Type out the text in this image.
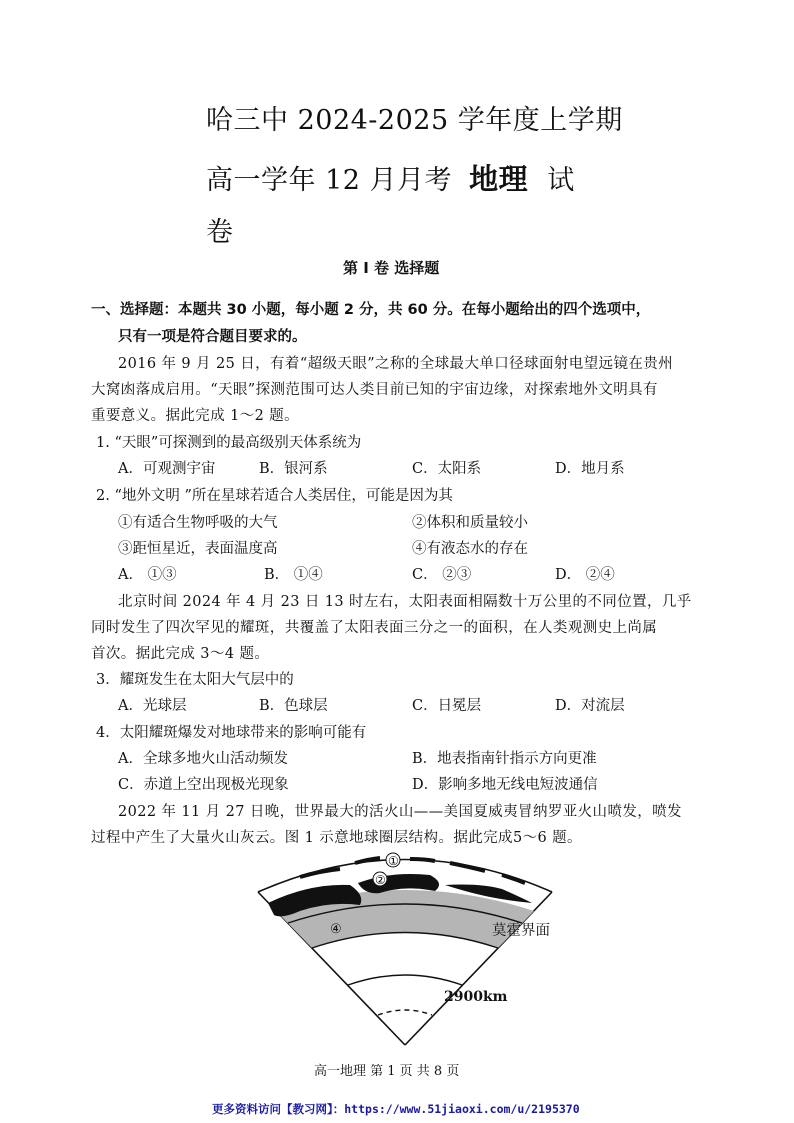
哈三中 2024-2025 学年度上学期
高一学年 12 月月考 地理 试
卷
第 I 卷 选择题
一、选择题：本题共 30 小题，每小题 2 分，共 60 分。在每小题给出的四个选项中，
只有一项是符合题目要求的。
2016 年 9 月 25 日，有着“超级天眼”之称的全球最大单口径球面射电望远镜在贵州
大窝凼落成启用。“天眼”探测范围可达人类目前已知的宇宙边缘，对探索地外文明具有
重要意义。据此完成 1～2 题。
1. “天眼”可探测到的最高级别天体系统为
A．可观测宇宙	B．银河系	C．太阳系	D．地月系
2. “地外文明 ”所在星球若适合人类居住，可能是因为其
①有适合生物呼吸的大气	②体积和质量较小
③距恒星近，表面温度高	④有液态水的存在
A． ①③	B． ①④	C． ②③	D． ②④
北京时间 2024 年 4 月 23 日 13 时左右，太阳表面相隔数十万公里的不同位置，几乎
同时发生了四次罕见的耀斑，共覆盖了太阳表面三分之一的面积，在人类观测史上尚属
首次。据此完成 3～4 题。
3．耀斑发生在太阳大气层中的
A．光球层	B．色球层	C．日冕层	D．对流层
4．太阳耀斑爆发对地球带来的影响可能有
A．全球多地火山活动频发	B．地表指南针指示方向更准
C．赤道上空出现极光现象	D．影响多地无线电短波通信
2022 年 11 月 27 日晚，世界最大的活火山——美国夏威夷冒纳罗亚火山喷发，喷发
过程中产生了大量火山灰云。图 1 示意地球圈层结构。据此完成5～6 题。
①
②
③
④	莫霍界面
2900km
高一地理 第 1 页 共 8 页
更多资料访问【教习网】：https://www.51jiaoxi.com/u/2195370
